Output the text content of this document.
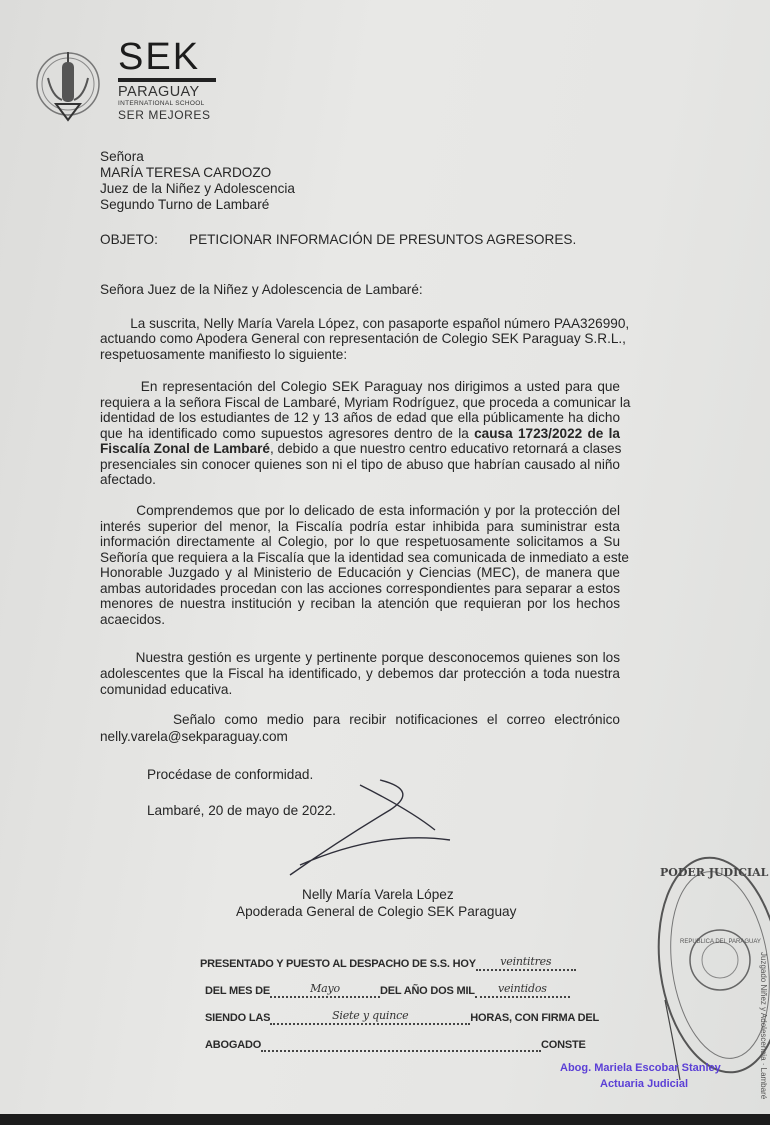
SEK
PARAGUAY
INTERNATIONAL SCHOOL
SER MEJORES
Señora
MARÍA TERESA CARDOZO
Juez de la Niñez y Adolescencia
Segundo Turno de Lambaré
OBJETO: PETICIONAR INFORMACIÓN DE PRESUNTOS AGRESORES.
Señora Juez de la Niñez y Adolescencia de Lambaré:
La suscrita, Nelly María Varela López, con pasaporte español número PAA326990,
actuando como Apodera General con representación de Colegio SEK Paraguay S.R.L.,
respetuosamente manifiesto lo siguiente:
En representación del Colegio SEK Paraguay nos dirigimos a usted para que
requiera a la señora Fiscal de Lambaré, Myriam Rodríguez, que proceda a comunicar la
identidad de los estudiantes de 12 y 13 años de edad que ella públicamente ha dicho
que ha identificado como supuestos agresores dentro de la causa 1723/2022 de la
Fiscalía Zonal de Lambaré, debido a que nuestro centro educativo retornará a clases
presenciales sin conocer quienes son ni el tipo de abuso que habrían causado al niño
afectado.
Comprendemos que por lo delicado de esta información y por la protección del
interés superior del menor, la Fiscalía podría estar inhibida para suministrar esta
información directamente al Colegio, por lo que respetuosamente solicitamos a Su
Señoría que requiera a la Fiscalía que la identidad sea comunicada de inmediato a este
Honorable Juzgado y al Ministerio de Educación y Ciencias (MEC), de manera que
ambas autoridades procedan con las acciones correspondientes para separar a estos
menores de nuestra institución y reciban la atención que requieran por los hechos
acaecidos.
Nuestra gestión es urgente y pertinente porque desconocemos quienes son los
adolescentes que la Fiscal ha identificado, y debemos dar protección a toda nuestra
comunidad educativa.
Señalo como medio para recibir notificaciones el correo electrónico
nelly.varela@sekparaguay.com
Procédase de conformidad.
Lambaré, 20 de mayo de 2022.
Nelly María Varela López
Apoderada General de Colegio SEK Paraguay
PRESENTADO Y PUESTO AL DESPACHO DE S.S. HOY veintitres
DEL MES DE	Mayo	DEL AÑO DOS MIL veintidos
SIENDO LAS	Siete y quince	HORAS, CON FIRMA DEL
ABOGADO	CONSTE
PODER JUDICIAL
REPUBLICA DEL PARAGUAY
Juzgado Niñez y Adolescencia · Lambaré
Abog. Mariela Escobar Stanley
Actuaria Judicial
